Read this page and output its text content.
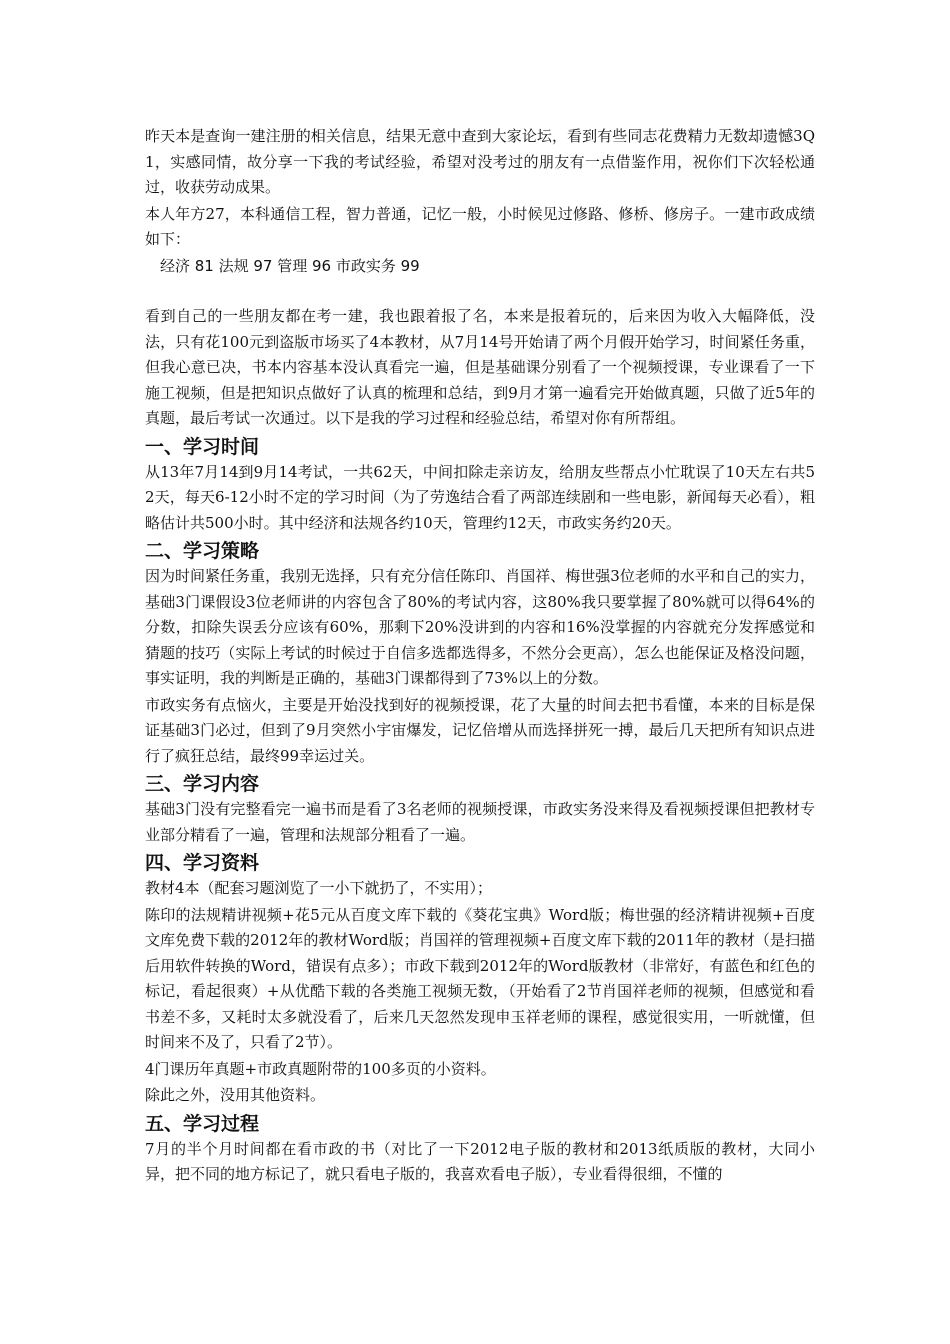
昨天本是查询一建注册的相关信息，结果无意中查到大家论坛，看到有些同志花费精力无数却遗憾3Q1，实感同情，故分享一下我的考试经验，希望对没考过的朋友有一点借鉴作用，祝你们下次轻松通过，收获劳动成果。

本人年方27，本科通信工程，智力普通，记忆一般，小时候见过修路、修桥、修房子。一建市政成绩如下：

经济 81 法规 97 管理 96 市政实务 99

看到自己的一些朋友都在考一建，我也跟着报了名，本来是报着玩的，后来因为收入大幅降低，没法，只有花100元到盗版市场买了4本教材，从7月14号开始请了两个月假开始学习，时间紧任务重，但我心意已决，书本内容基本没认真看完一遍，但是基础课分别看了一个视频授课，专业课看了一下施工视频，但是把知识点做好了认真的梳理和总结，到9月才第一遍看完开始做真题，只做了近5年的真题，最后考试一次通过。以下是我的学习过程和经验总结，希望对你有所帮组。

一、学习时间

从13年7月14到9月14考试，一共62天，中间扣除走亲访友，给朋友些帮点小忙耽误了10天左右共52天，每天6-12小时不定的学习时间（为了劳逸结合看了两部连续剧和一些电影，新闻每天必看），粗略估计共500小时。其中经济和法规各约10天，管理约12天，市政实务约20天。

二、学习策略

因为时间紧任务重，我别无选择，只有充分信任陈印、肖国祥、梅世强3位老师的水平和自己的实力，基础3门课假设3位老师讲的内容包含了80%的考试内容，这80%我只要掌握了80%就可以得64%的分数，扣除失误丢分应该有60%，那剩下20%没讲到的内容和16%没掌握的内容就充分发挥感觉和猜题的技巧（实际上考试的时候过于自信多选都选得多，不然分会更高），怎么也能保证及格没问题，事实证明，我的判断是正确的，基础3门课都得到了73%以上的分数。

市政实务有点恼火，主要是开始没找到好的视频授课，花了大量的时间去把书看懂，本来的目标是保证基础3门必过，但到了9月突然小宇宙爆发，记忆倍增从而选择拼死一搏，最后几天把所有知识点进行了疯狂总结，最终99幸运过关。

三、学习内容

基础3门没有完整看完一遍书而是看了3名老师的视频授课，市政实务没来得及看视频授课但把教材专业部分精看了一遍，管理和法规部分粗看了一遍。

四、学习资料

教材4本（配套习题浏览了一小下就扔了，不实用）；

陈印的法规精讲视频+花5元从百度文库下载的《葵花宝典》Word版；梅世强的经济精讲视频+百度文库免费下载的2012年的教材Word版；肖国祥的管理视频+百度文库下载的2011年的教材（是扫描后用软件转换的Word，错误有点多）；市政下载到2012年的Word版教材（非常好，有蓝色和红色的标记，看起很爽）+从优酷下载的各类施工视频无数，（开始看了2节肖国祥老师的视频，但感觉和看书差不多，又耗时太多就没看了，后来几天忽然发现申玉祥老师的课程，感觉很实用，一听就懂，但时间来不及了，只看了2节）。

4门课历年真题+市政真题附带的100多页的小资料。

除此之外，没用其他资料。

五、学习过程

7月的半个月时间都在看市政的书（对比了一下2012电子版的教材和2013纸质版的教材，大同小异，把不同的地方标记了，就只看电子版的，我喜欢看电子版），专业看得很细，不懂的
